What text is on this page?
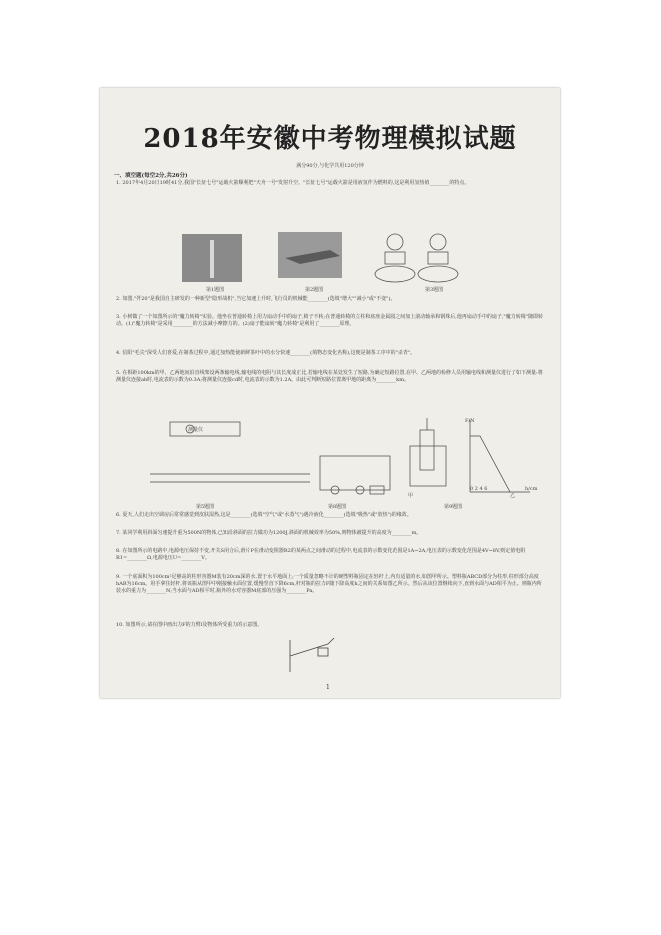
2018年安徽中考物理模拟试题
满分90分,与化学共用120分钟
一、填空题(每空2分,共26分)
1. 2017年4月20日19时41分,我国"长征七号"运载火箭顺利把"天舟一号"发射升空。"长征七号"运载火箭是用液氢作为燃料的,这是利用氢热值________的特点。
第1题图	第2题图	第3题图
2. 如图,"歼20"是我国自主研发的一种新型"隐形战机",当它加速上升时,飞行员的机械能________(选填"增大""减小"或"不变")。
3. 小树做了一个如图所示的"魔力转椅"实验。他坐在普通转椅上用力扇动手中的扇子,椅子不转;在普通转椅的立柱和底座金属圆之间加上滚动轴承和钢珠后,他再扇动手中的扇子,"魔力转椅"随即转动。(1)"魔力转椅"是采用________的方法减小摩擦力的。(2)扇子能扇转"魔力转椅"是利用了________原理。
4. 信阳"毛尖"深受人们喜爱,在制茶过程中,通过加热能使新鲜茶叶中的水分快速________(填物态变化名称),这便是制茶工序中的"杀青"。
5. 在相距100km的甲、乙两地间沿直线架设两条输电线,输电线的电阻与其长度成正比,若输电线在某处发生了短路,为确定短路位置,在甲、乙两地的检修人员用输电线和测量仪进行了如下测量:将测量仪连接ab时,电流表的示数为0.3A;将测量仪连接cd时,电流表的示数为1.2A。由此可判断短路位置离甲地的距离为________km。
测量仪
第5题图	第8题图
甲	乙
F/N
h/cm
0 2 4 6
第9题图
6. 夏天,人们走出空调房后常常感觉到皮肤湿热,这是________(选填"空气"或"水蒸气")遇冷液化________(选填"吸热"或"放热")的缘故。
7. 某同学利用斜面匀速提升重为500N的物体,已知沿斜面的拉力做功为1200J,斜面的机械效率为50%,则物体被提升的高度为________m。
8. 在如图所示的电路中,电源电压保持不变,开关S闭合后,滑片P在滑动变阻器R2的某两点之间滑动的过程中,电流表的示数变化范围是1A~2A,电压表的示数变化范围是4V~8V,则定值电阻R1=________Ω,电源电压U=________V。
9. 一个底面积为100cm²足够高的柱形容器M装有20cm深的水,置于水平地面上;一个质量忽略不计的硬塑料瓶固定在轻杆上,内有适量的水,如图甲所示。塑料瓶ABCD部分为柱形,柱形部分高度hAB为16cm。用手拿住轻杆,将该瓶从图甲中刚接触水面位置,缓慢竖直下降6cm,杆对瓶的拉力F随下降高度h之间的关系如图乙所示。然后从该位置继续向下,直到水面与AD相平为止。则瓶内所装水的重力为________N;当水面与AD相平时,瓶外的水对容器M底部的压强为________Pa。
10. 如图所示,请在图中画出力F的力臂l及物体所受重力的示意图。
1
